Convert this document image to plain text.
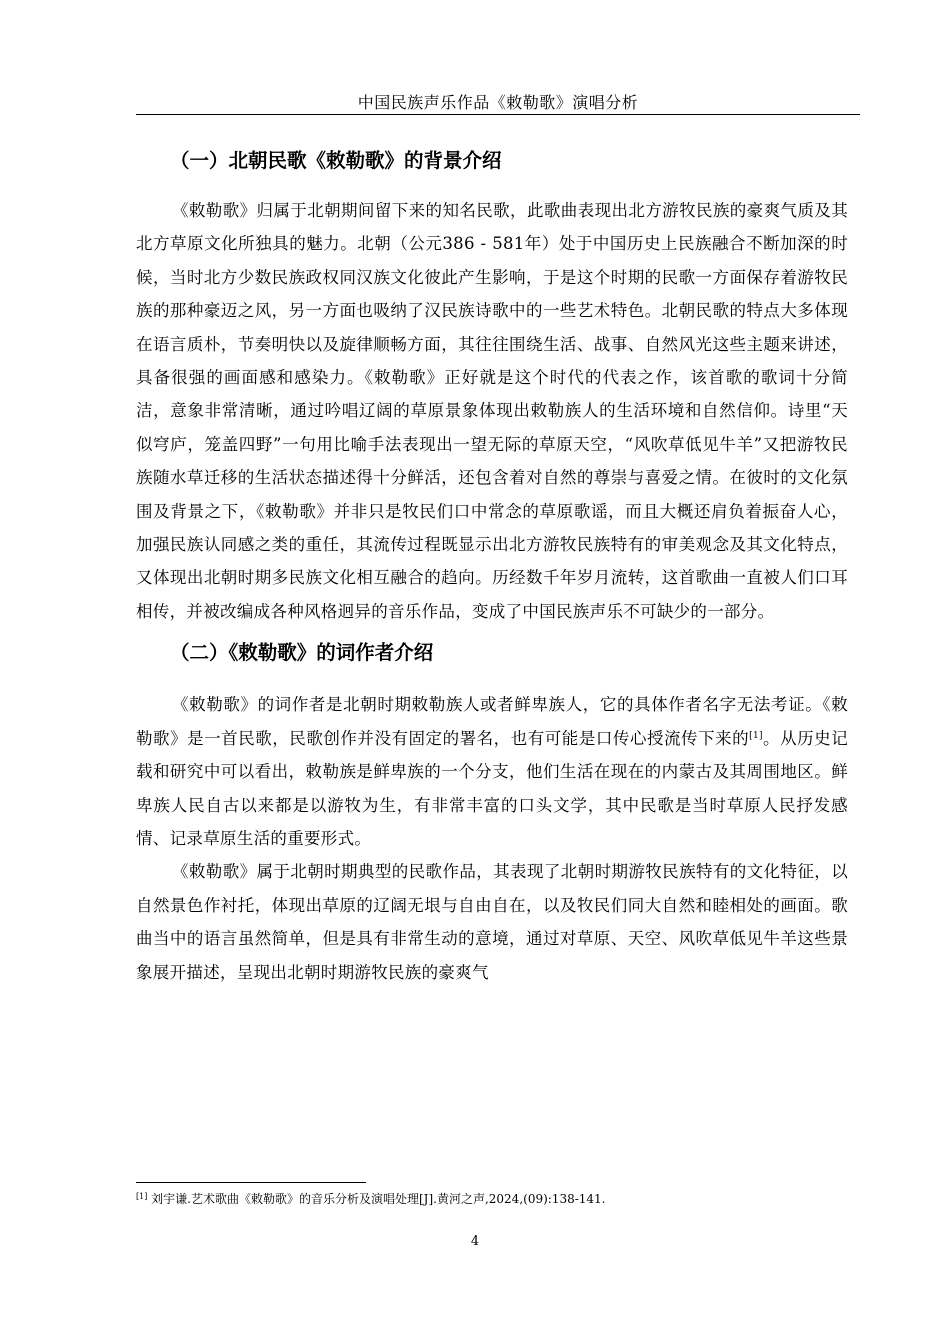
中国民族声乐作品《敕勒歌》演唱分析
（一）北朝民歌《敕勒歌》的背景介绍

《敕勒歌》归属于北朝期间留下来的知名民歌，此歌曲表现出北方游牧民族的豪爽气质及其北方草原文化所独具的魅力。北朝（公元386 - 581年）处于中国历史上民族融合不断加深的时候，当时北方少数民族政权同汉族文化彼此产生影响，于是这个时期的民歌一方面保存着游牧民族的那种豪迈之风，另一方面也吸纳了汉民族诗歌中的一些艺术特色。北朝民歌的特点大多体现在语言质朴，节奏明快以及旋律顺畅方面，其往往围绕生活、战事、自然风光这些主题来讲述，具备很强的画面感和感染力。《敕勒歌》正好就是这个时代的代表之作，该首歌的歌词十分简洁，意象非常清晰，通过吟唱辽阔的草原景象体现出敕勒族人的生活环境和自然信仰。诗里“天似穹庐，笼盖四野”一句用比喻手法表现出一望无际的草原天空，“风吹草低见牛羊”又把游牧民族随水草迁移的生活状态描述得十分鲜活，还包含着对自然的尊崇与喜爱之情。在彼时的文化氛围及背景之下，《敕勒歌》并非只是牧民们口中常念的草原歌谣，而且大概还肩负着振奋人心，加强民族认同感之类的重任，其流传过程既显示出北方游牧民族特有的审美观念及其文化特点，又体现出北朝时期多民族文化相互融合的趋向。历经数千年岁月流转，这首歌曲一直被人们口耳相传，并被改编成各种风格迥异的音乐作品，变成了中国民族声乐不可缺少的一部分。

（二）《敕勒歌》的词作者介绍

《敕勒歌》的词作者是北朝时期敕勒族人或者鲜卑族人，它的具体作者名字无法考证。《敕勒歌》是一首民歌，民歌创作并没有固定的署名，也有可能是口传心授流传下来的[1]。从历史记载和研究中可以看出，敕勒族是鲜卑族的一个分支，他们生活在现在的内蒙古及其周围地区。鲜卑族人民自古以来都是以游牧为生，有非常丰富的口头文学，其中民歌是当时草原人民抒发感情、记录草原生活的重要形式。

《敕勒歌》属于北朝时期典型的民歌作品，其表现了北朝时期游牧民族特有的文化特征，以自然景色作衬托，体现出草原的辽阔无垠与自由自在，以及牧民们同大自然和睦相处的画面。歌曲当中的语言虽然简单，但是具有非常生动的意境，通过对草原、天空、风吹草低见牛羊这些景象展开描述，呈现出北朝时期游牧民族的豪爽气

[1] 刘宇谦.艺术歌曲《敕勒歌》的音乐分析及演唱处理[J].黄河之声,2024,(09):138-141.
4
